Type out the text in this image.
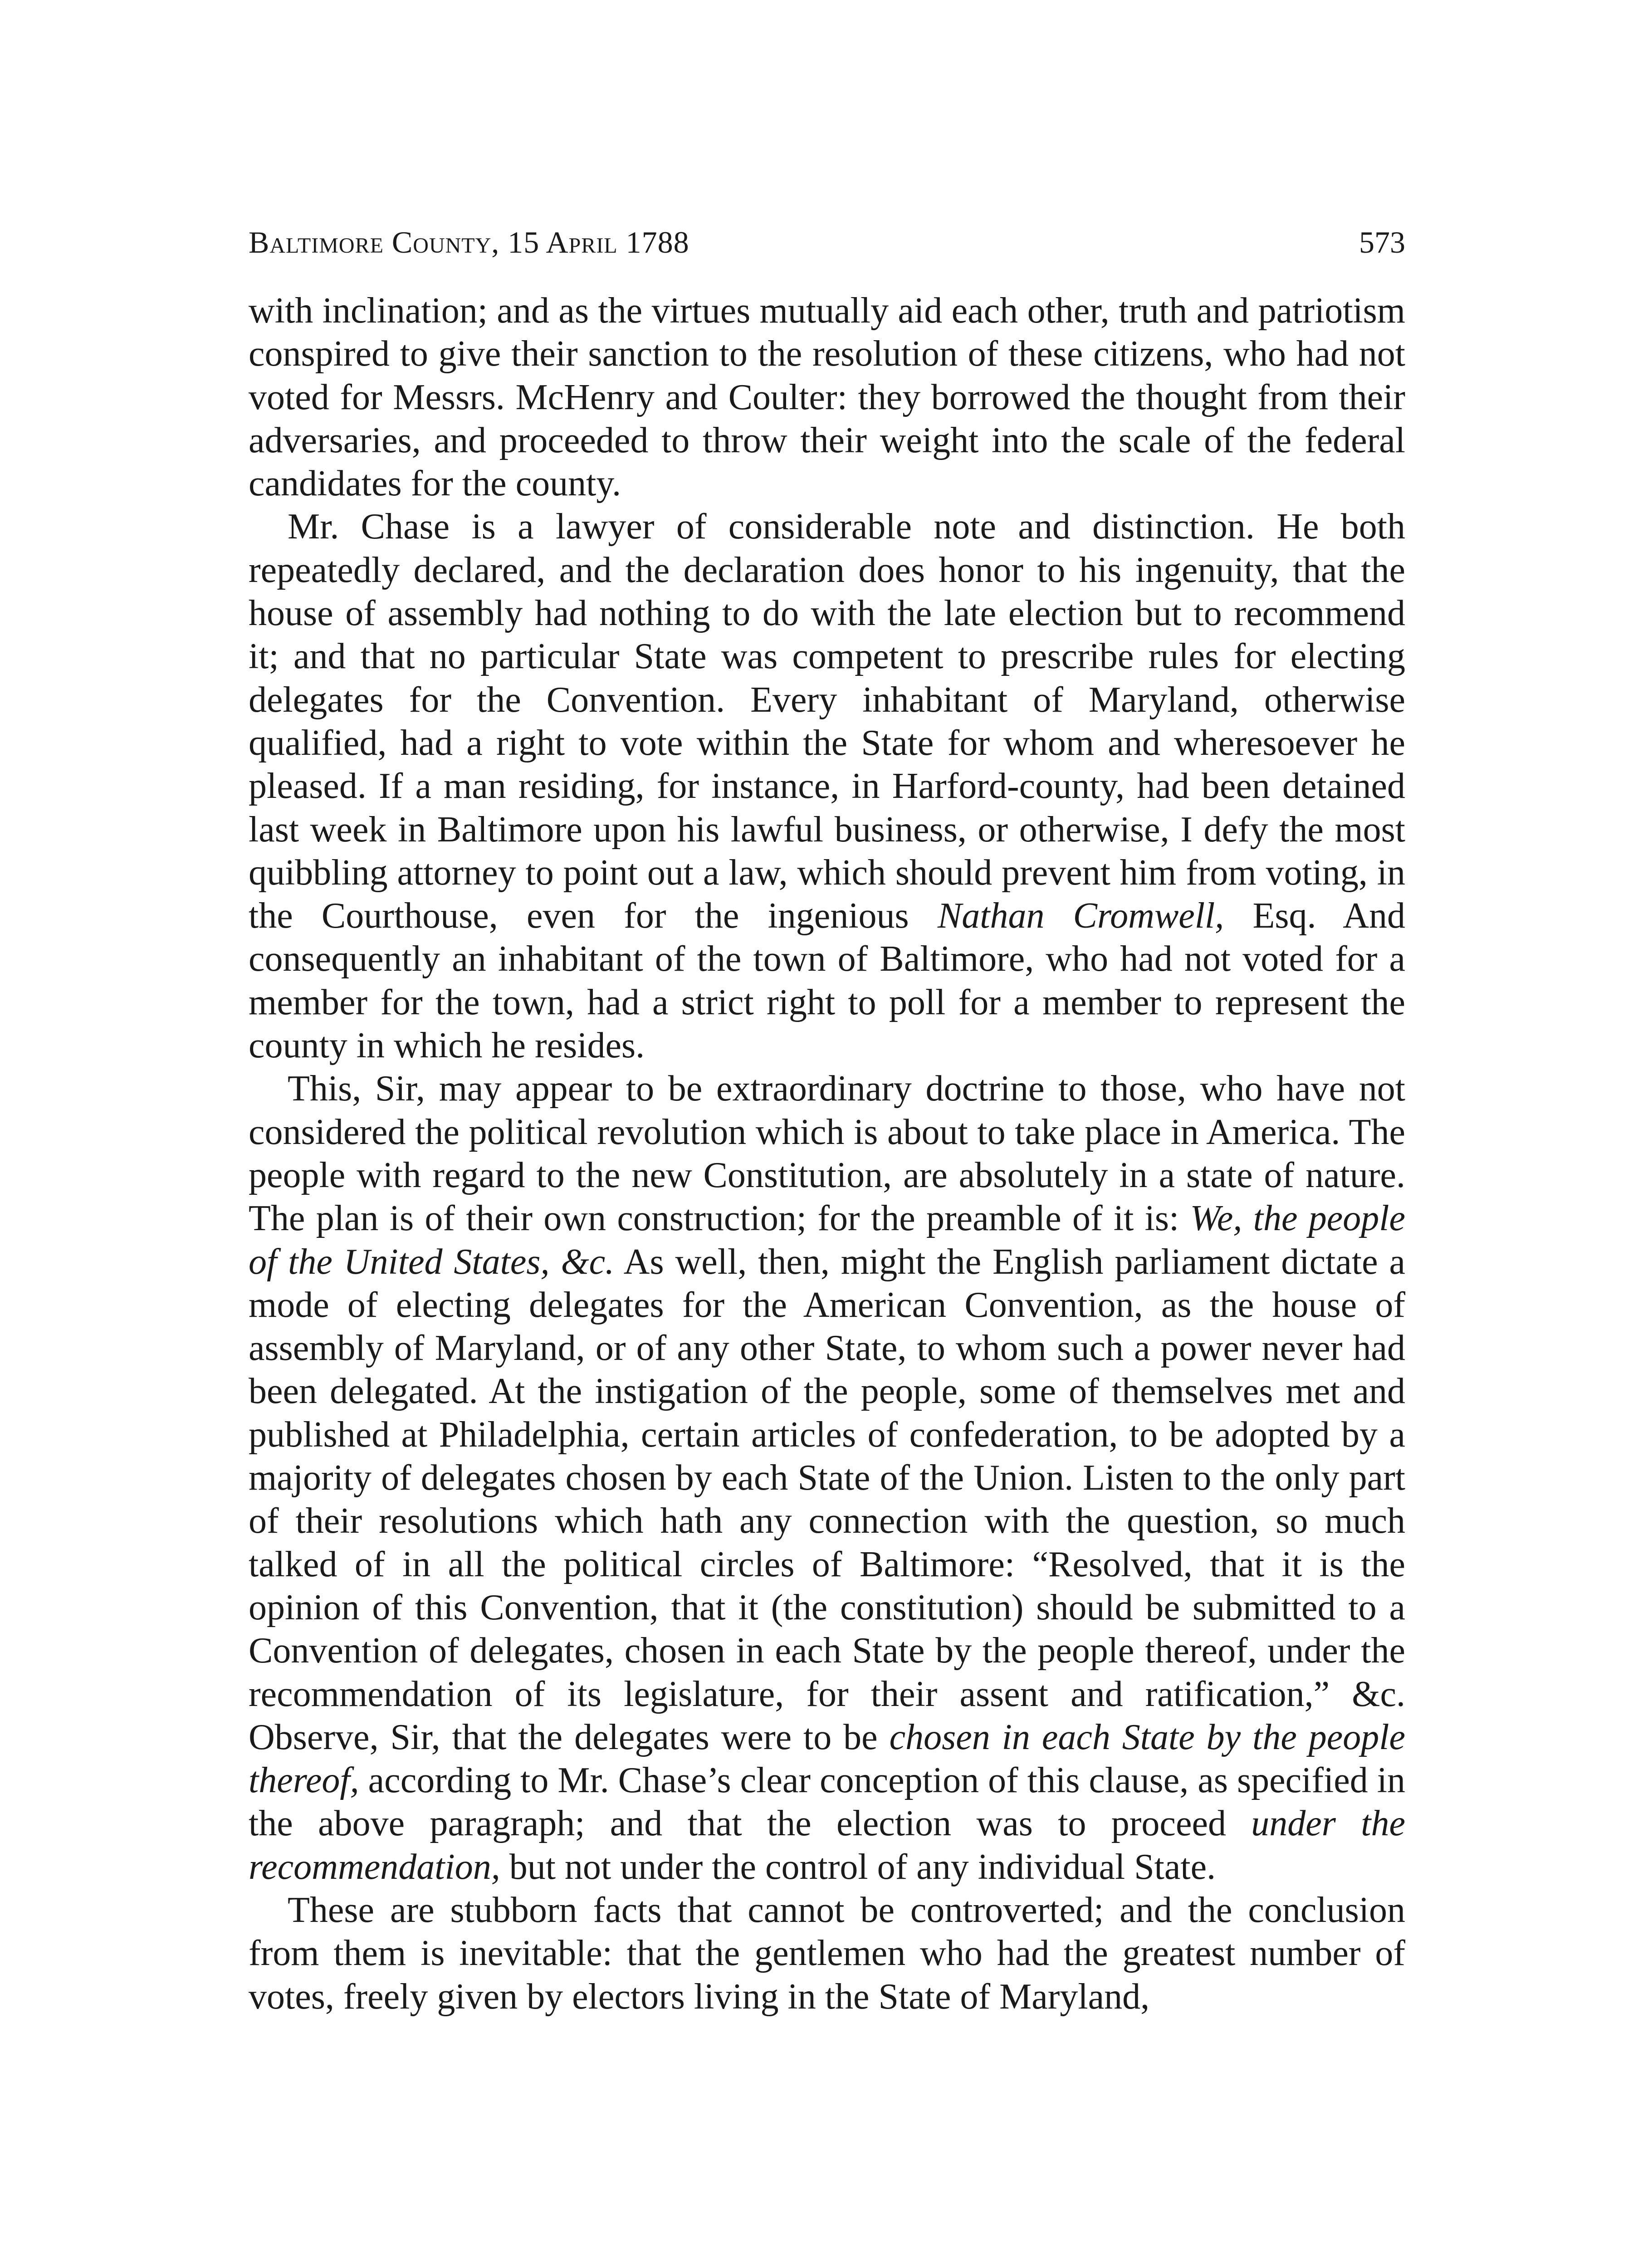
Baltimore County, 15 April 1788	573

with inclination; and as the virtues mutually aid each other, truth and patriotism conspired to give their sanction to the resolution of these citizens, who had not voted for Messrs. McHenry and Coulter: they borrowed the thought from their adversaries, and proceeded to throw their weight into the scale of the federal candidates for the county.

Mr. Chase is a lawyer of considerable note and distinction. He both repeatedly declared, and the declaration does honor to his ingenuity, that the house of assembly had nothing to do with the late election but to recommend it; and that no particular State was competent to prescribe rules for electing delegates for the Convention. Every inhabitant of Maryland, otherwise qualified, had a right to vote within the State for whom and wheresoever he pleased. If a man residing, for instance, in Harford-county, had been detained last week in Baltimore upon his lawful business, or otherwise, I defy the most quibbling attorney to point out a law, which should prevent him from voting, in the Courthouse, even for the ingenious Nathan Cromwell, Esq. And consequently an inhabitant of the town of Baltimore, who had not voted for a member for the town, had a strict right to poll for a member to represent the county in which he resides.

This, Sir, may appear to be extraordinary doctrine to those, who have not considered the political revolution which is about to take place in America. The people with regard to the new Constitution, are absolutely in a state of nature. The plan is of their own construction; for the preamble of it is: We, the people of the United States, &c. As well, then, might the English parliament dictate a mode of electing delegates for the American Convention, as the house of assembly of Maryland, or of any other State, to whom such a power never had been delegated. At the instigation of the people, some of themselves met and published at Philadelphia, certain articles of confederation, to be adopted by a majority of delegates chosen by each State of the Union. Listen to the only part of their resolutions which hath any connection with the question, so much talked of in all the political circles of Baltimore: “Resolved, that it is the opinion of this Convention, that it (the constitution) should be submitted to a Convention of delegates, chosen in each State by the people thereof, under the recommendation of its legislature, for their assent and ratification,” &c. Observe, Sir, that the delegates were to be chosen in each State by the people thereof, according to Mr. Chase’s clear conception of this clause, as specified in the above paragraph; and that the election was to proceed under the recommendation, but not under the control of any individual State.

These are stubborn facts that cannot be controverted; and the conclusion from them is inevitable: that the gentlemen who had the greatest number of votes, freely given by electors living in the State of Maryland,
